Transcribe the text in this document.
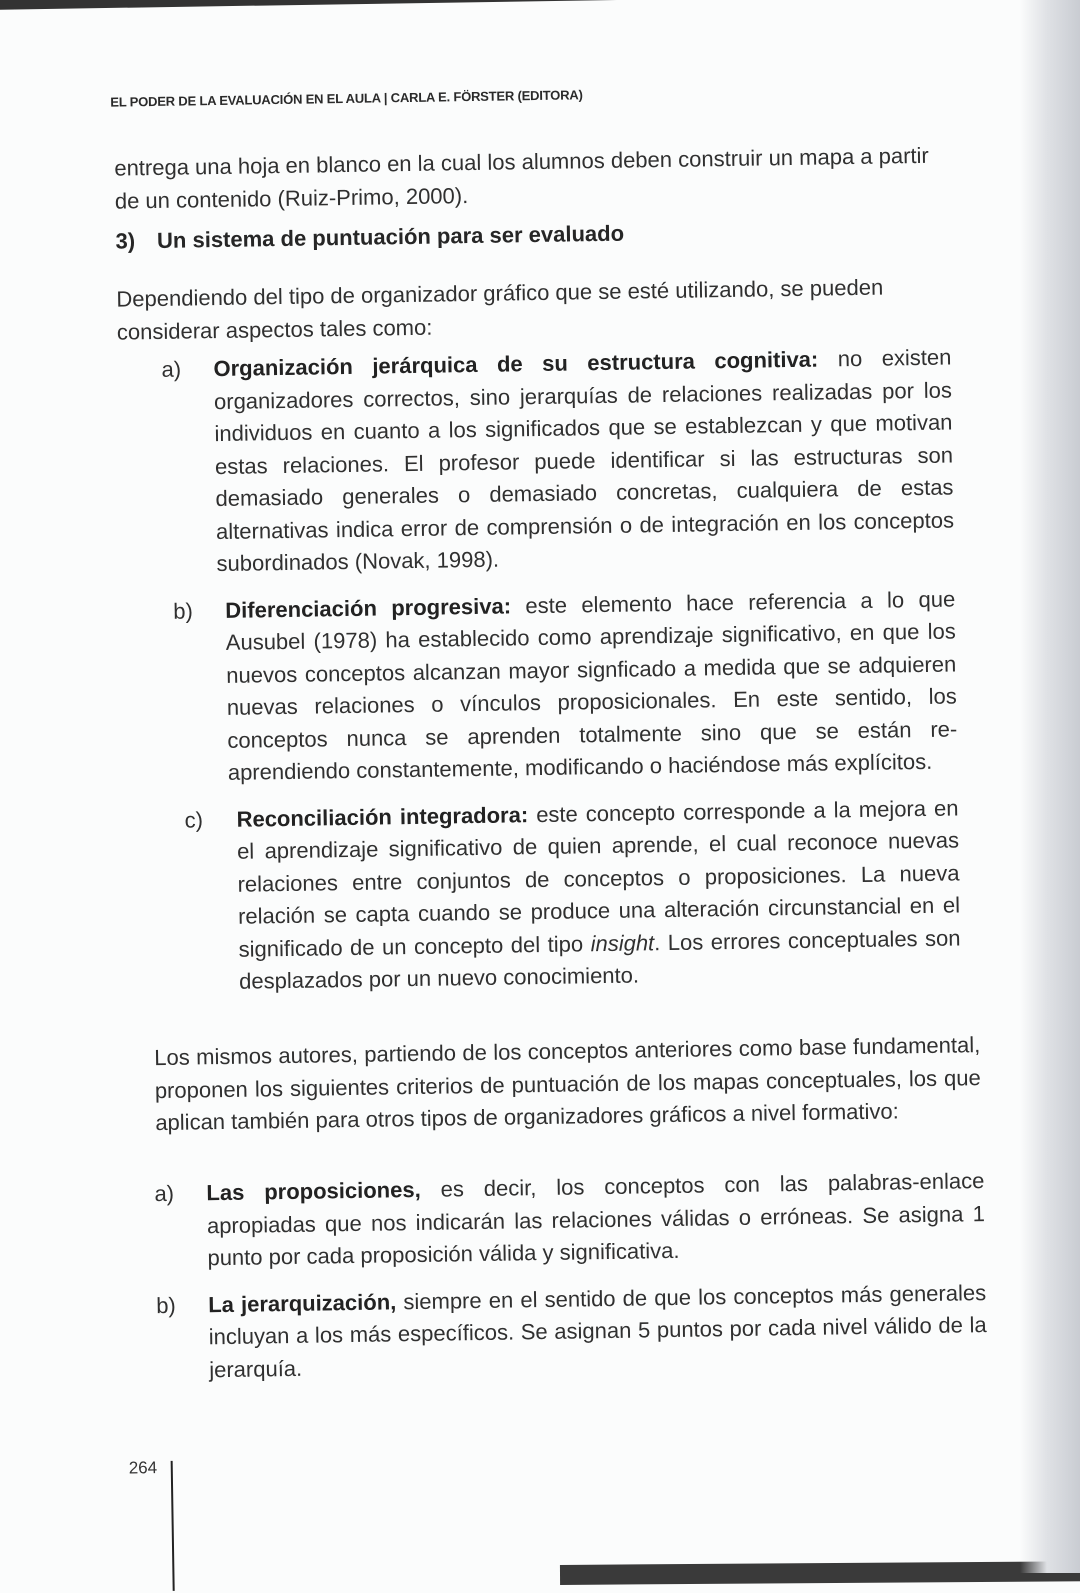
EL PODER DE LA EVALUACIÓN EN EL AULA | CARLA E. FÖRSTER (EDITORA)
entrega una hoja en blanco en la cual los alumnos deben construir un mapa a partir de un contenido (Ruiz-Primo, 2000).
3) Un sistema de puntuación para ser evaluado
Dependiendo del tipo de organizador gráfico que se esté utilizando, se pueden considerar aspectos tales como:
a)	Organización jerárquica de su estructura cognitiva: no existen organizadores correctos, sino jerarquías de relaciones realizadas por los individuos en cuanto a los significados que se establezcan y que motivan estas relaciones. El profesor puede identificar si las estructuras son demasiado generales o demasiado concretas, cualquiera de estas alternativas indica error de comprensión o de integración en los conceptos subordinados (Novak, 1998).
b)	Diferenciación progresiva: este elemento hace referencia a lo que Ausubel (1978) ha establecido como aprendizaje significativo, en que los nuevos conceptos alcanzan mayor signficado a medida que se adquieren nuevas relaciones o vínculos proposicionales. En este sentido, los conceptos nunca se aprenden totalmente sino que se están re-aprendiendo constantemente, modificando o haciéndose más explícitos.
c)	Reconciliación integradora: este concepto corresponde a la mejora en el aprendizaje significativo de quien aprende, el cual reconoce nuevas relaciones entre conjuntos de conceptos o proposiciones. La nueva relación se capta cuando se produce una alteración circunstancial en el significado de un concepto del tipo insight. Los errores conceptuales son desplazados por un nuevo conocimiento.
Los mismos autores, partiendo de los conceptos anteriores como base fundamental, proponen los siguientes criterios de puntuación de los mapas conceptuales, los que aplican también para otros tipos de organizadores gráficos a nivel formativo:
a)	Las proposiciones, es decir, los conceptos con las palabras-enlace apropiadas que nos indicarán las relaciones válidas o erróneas. Se asigna 1 punto por cada proposición válida y significativa.
b)	La jerarquización, siempre en el sentido de que los conceptos más generales incluyan a los más específicos. Se asignan 5 puntos por cada nivel válido de la jerarquía.
264
